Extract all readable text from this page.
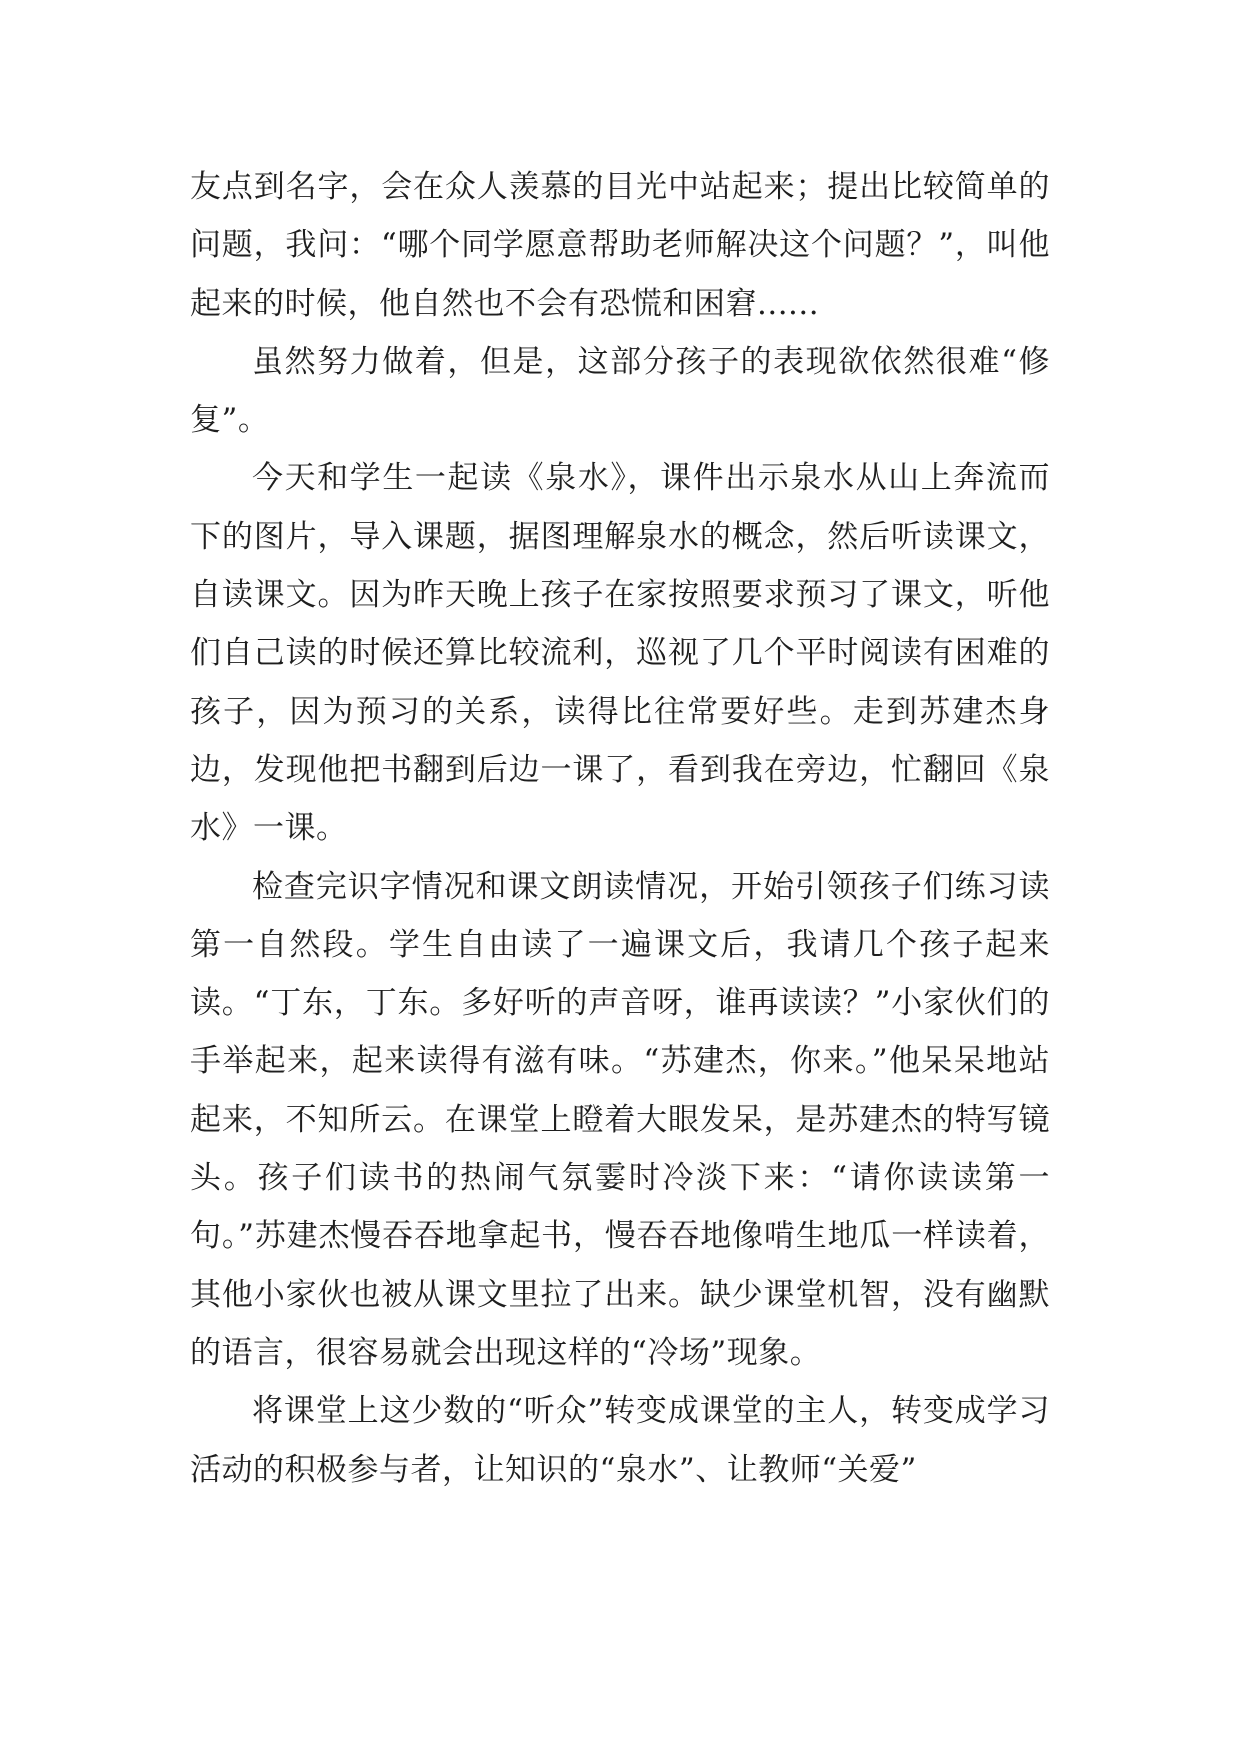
友点到名字，会在众人羡慕的目光中站起来；提出比较简单的问题，我问：“哪个同学愿意帮助老师解决这个问题？”，叫他起来的时候，他自然也不会有恐慌和困窘......

虽然努力做着，但是，这部分孩子的表现欲依然很难“修复”。

今天和学生一起读《泉水》，课件出示泉水从山上奔流而下的图片，导入课题，据图理解泉水的概念，然后听读课文，自读课文。因为昨天晚上孩子在家按照要求预习了课文，听他们自己读的时候还算比较流利，巡视了几个平时阅读有困难的孩子，因为预习的关系，读得比往常要好些。走到苏建杰身边，发现他把书翻到后边一课了，看到我在旁边，忙翻回《泉水》一课。

检查完识字情况和课文朗读情况，开始引领孩子们练习读第一自然段。学生自由读了一遍课文后，我请几个孩子起来读。“丁东，丁东。多好听的声音呀，谁再读读？”小家伙们的手举起来，起来读得有滋有味。“苏建杰，你来。”他呆呆地站起来，不知所云。在课堂上瞪着大眼发呆，是苏建杰的特写镜头。孩子们读书的热闹气氛霎时冷淡下来：“请你读读第一句。”苏建杰慢吞吞地拿起书，慢吞吞地像啃生地瓜一样读着，其他小家伙也被从课文里拉了出来。缺少课堂机智，没有幽默的语言，很容易就会出现这样的“冷场”现象。

将课堂上这少数的“听众”转变成课堂的主人，转变成学习活动的积极参与者，让知识的“泉水”、让教师“关爱”
